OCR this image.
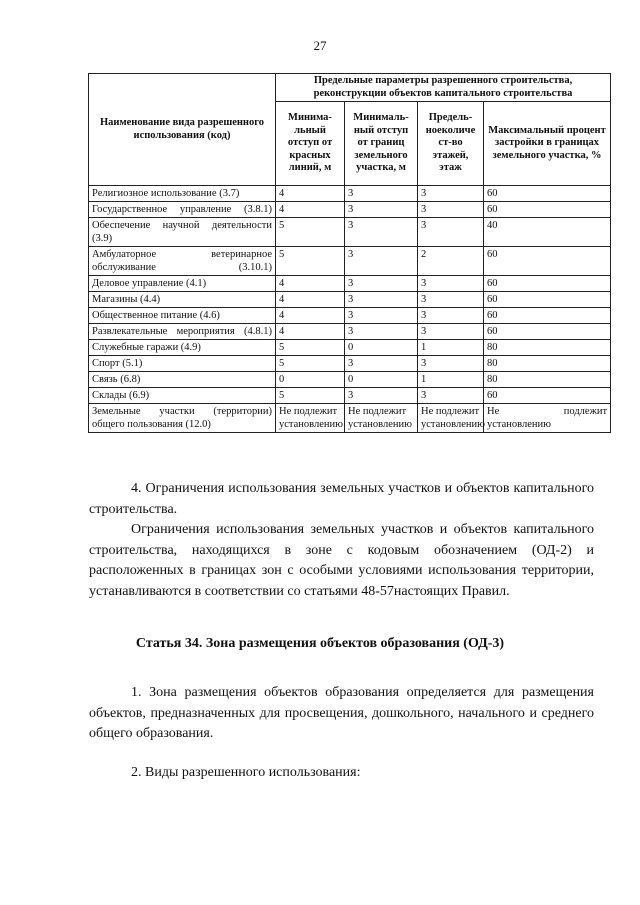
27
Наименование вида разрешенного использования (код)	Предельные параметры разрешенного строительства, реконструкции объектов капитального строительства			
	Минима-льный отступ от красных линий, м	Минималь-ный отступ от границ земельного участка, м	Предель-ноеколиче ст-во этажей, этаж	Максимальный процент застройки в границах земельного участка, %
Религиозное использование (3.7)	4	3	3	60
Государственное управление (3.8.1)	4	3	3	60
Обеспечение научной деятельности (3.9)	5	3	3	40
Амбулаторное ветеринарное обслуживание (3.10.1)	5	3	2	60
Деловое управление (4.1)	4	3	3	60
Магазины (4.4)	4	3	3	60
Общественное питание (4.6)	4	3	3	60
Развлекательные мероприятия (4.8.1)	4	3	3	60
Служебные гаражи (4.9)	5	0	1	80
Спорт (5.1)	5	3	3	80
Связь (6.8)	0	0	1	80
Склады (6.9)	5	3	3	60
Земельные участки (территории) общего пользования (12.0)	Не подлежит установлению	Не подлежит установлению	Не подлежит установлению	Не подлежит установлению
4. Ограничения использования земельных участков и объектов капитального строительства.
Ограничения использования земельных участков и объектов капитального строительства, находящихся в зоне с кодовым обозначением (ОД-2) и расположенных в границах зон с особыми условиями использования территории, устанавливаются в соответствии со статьями 48-57настоящих Правил.
Статья 34. Зона размещения объектов образования (ОД-3)
1. Зона размещения объектов образования определяется для размещения объектов, предназначенных для просвещения, дошкольного, начального и среднего общего образования.
2. Виды разрешенного использования:
